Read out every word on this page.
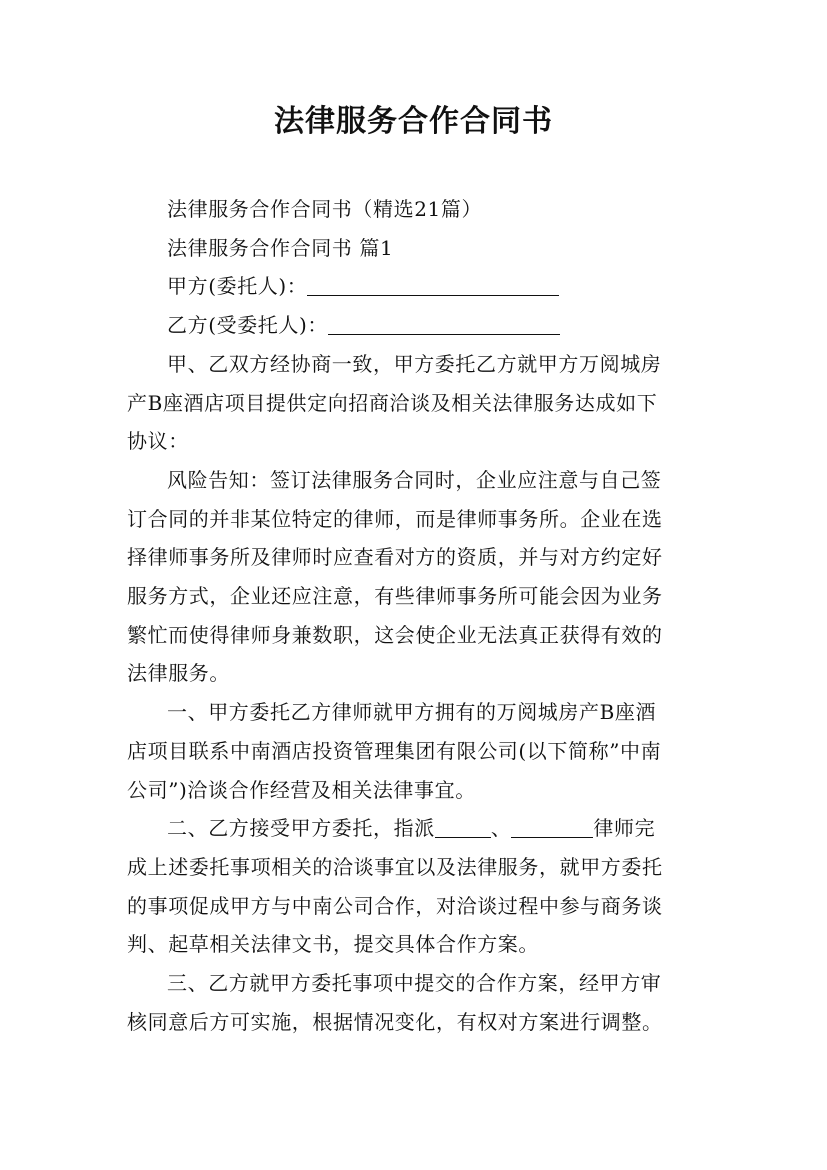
法律服务合作合同书

法律服务合作合同书（精选21篇）

法律服务合作合同书 篇1

甲方(委托人)：

乙方(受委托人)：

甲、乙双方经协商一致，甲方委托乙方就甲方万阅城房
产B座酒店项目提供定向招商洽谈及相关法律服务达成如下
协议：

风险告知：签订法律服务合同时，企业应注意与自己签
订合同的并非某位特定的律师，而是律师事务所。企业在选
择律师事务所及律师时应查看对方的资质，并与对方约定好
服务方式，企业还应注意，有些律师事务所可能会因为业务
繁忙而使得律师身兼数职，这会使企业无法真正获得有效的
法律服务。

一、甲方委托乙方律师就甲方拥有的万阅城房产B座酒
店项目联系中南酒店投资管理集团有限公司(以下简称”中南
公司”)洽谈合作经营及相关法律事宜。

二、乙方接受甲方委托，指派	、	律师完
成上述委托事项相关的洽谈事宜以及法律服务，就甲方委托
的事项促成甲方与中南公司合作，对洽谈过程中参与商务谈
判、起草相关法律文书，提交具体合作方案。

三、乙方就甲方委托事项中提交的合作方案，经甲方审
核同意后方可实施，根据情况变化，有权对方案进行调整。
